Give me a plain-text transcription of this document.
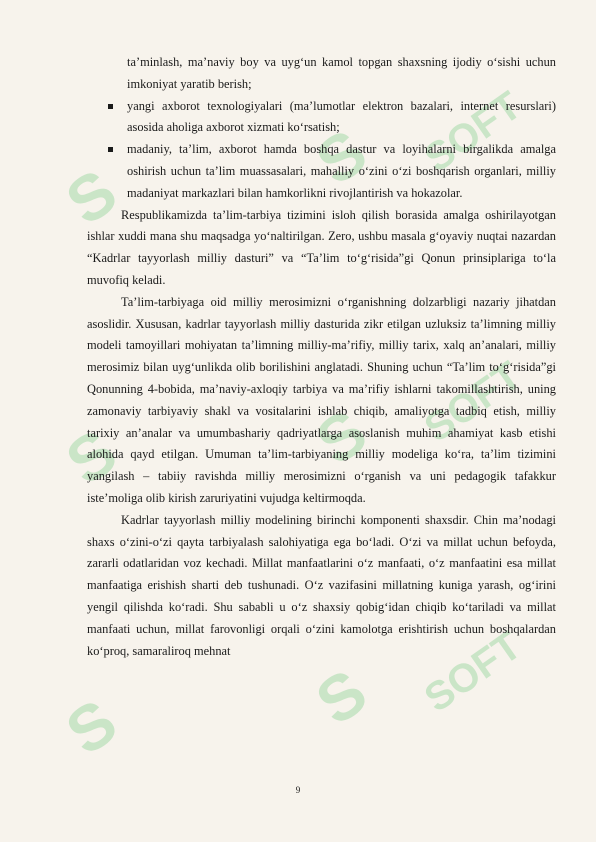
S	S SOFT
S	S SOFT
S	S SOFT
ta’minlash, ma’naviy boy va uyg‘un kamol topgan shaxsning ijodiy o‘sishi uchun imkoniyat yaratib berish;
yangi axborot texnologiyalari (ma’lumotlar elektron bazalari, internet resurslari) asosida aholiga axborot xizmati ko‘rsatish;
madaniy, ta’lim, axborot hamda boshqa dastur va loyihalarni birgalikda amalga oshirish uchun ta’lim muassasalari, mahalliy o‘zini o‘zi boshqarish organlari, milliy madaniyat markazlari bilan hamkorlikni rivojlantirish va hokazolar.

Respublikamizda ta’lim-tarbiya tizimini isloh qilish borasida amalga oshirilayotgan ishlar xuddi mana shu maqsadga yo‘naltirilgan. Zero, ushbu masala g‘oyaviy nuqtai nazardan “Kadrlar tayyorlash milliy dasturi” va “Ta’lim to‘g‘risida”gi Qonun prinsiplariga to‘la muvofiq keladi.

Ta’lim-tarbiyaga oid milliy merosimizni o‘rganishning dolzarbligi nazariy jihatdan asoslidir. Xususan, kadrlar tayyorlash milliy dasturida zikr etilgan uzluksiz ta’limning milliy modeli tamoyillari mohiyatan ta’limning milliy-ma’rifiy, milliy tarix, xalq an’analari, milliy merosimiz bilan uyg‘unlikda olib borilishini anglatadi. Shuning uchun “Ta’lim to‘g‘risida”gi Qonunning 4-bobida, ma’naviy-axloqiy tarbiya va ma’rifiy ishlarni takomillashtirish, uning zamonaviy tarbiyaviy shakl va vositalarini ishlab chiqib, amaliyotga tadbiq etish, milliy tarixiy an’analar va umumbashariy qadriyatlarga asoslanish muhim ahamiyat kasb etishi alohida qayd etilgan. Umuman ta’lim-tarbiyaning milliy modeliga ko‘ra, ta’lim tizimini yangilash – tabiiy ravishda milliy merosimizni o‘rganish va uni pedagogik tafakkur iste’moliga olib kirish zaruriyatini vujudga keltirmoqda.

Kadrlar tayyorlash milliy modelining birinchi komponenti shaxsdir. Chin ma’nodagi shaxs o‘zini-o‘zi qayta tarbiyalash salohiyatiga ega bo‘ladi. O‘zi va millat uchun befoyda, zararli odatlaridan voz kechadi. Millat manfaatlarini o‘z manfaati, o‘z manfaatini esa millat manfaatiga erishish sharti deb tushunadi. O‘z vazifasini millatning kuniga yarash, og‘irini yengil qilishda ko‘radi. Shu sababli u o‘z shaxsiy qobig‘idan chiqib ko‘tariladi va millat manfaati uchun, millat farovonligi orqali o‘zini kamolotga erishtirish uchun boshqalardan ko‘proq, samaraliroq mehnat

9
